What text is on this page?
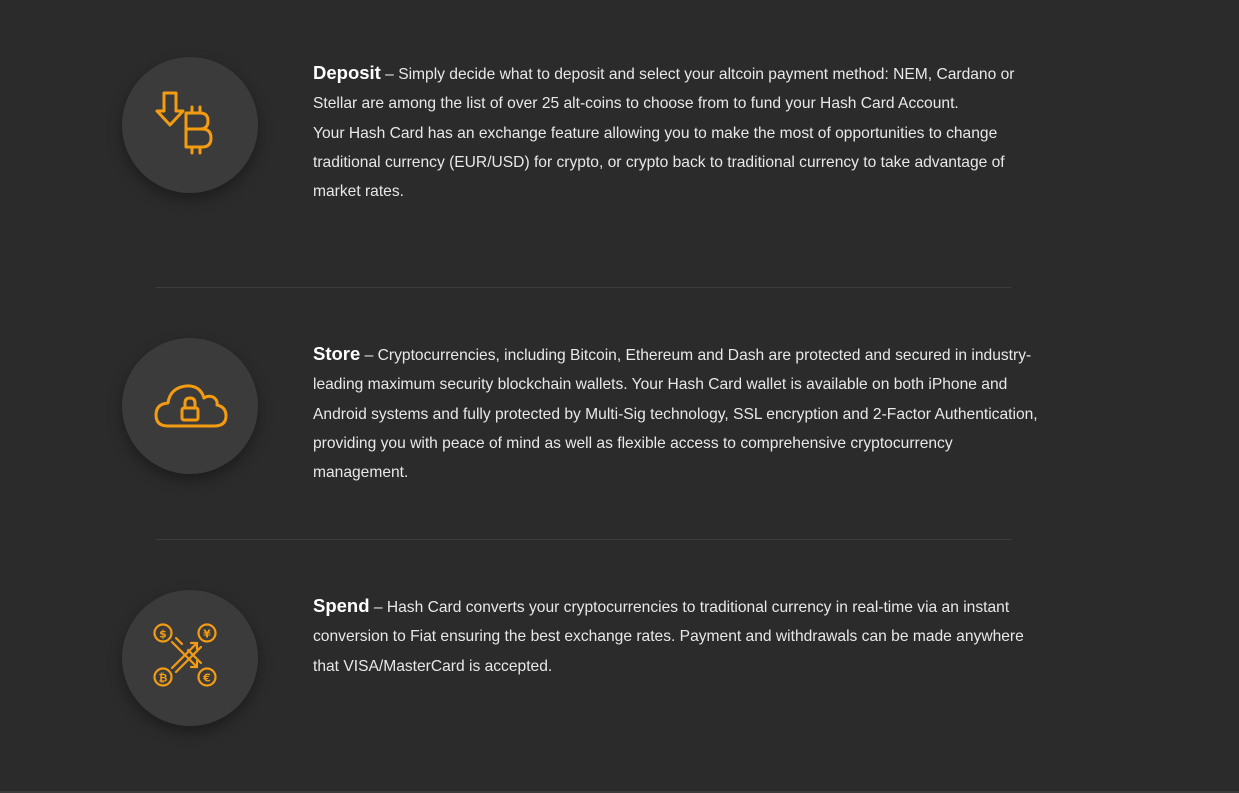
Deposit – Simply decide what to deposit and select your altcoin payment method: NEM, Cardano or Stellar are among the list of over 25 alt-coins to choose from to fund your Hash Card Account.

Your Hash Card has an exchange feature allowing you to make the most of opportunities to change traditional currency (EUR/USD) for crypto, or crypto back to traditional currency to take advantage of market rates.

Store – Cryptocurrencies, including Bitcoin, Ethereum and Dash are protected and secured in industry-leading maximum security blockchain wallets. Your Hash Card wallet is available on both iPhone and Android systems and fully protected by Multi-Sig technology, SSL encryption and 2-Factor Authentication, providing you with peace of mind as well as flexible access to comprehensive cryptocurrency management.

$	¥
₿	€

Spend – Hash Card converts your cryptocurrencies to traditional currency in real-time via an instant conversion to Fiat ensuring the best exchange rates. Payment and withdrawals can be made anywhere that VISA/MasterCard is accepted.
